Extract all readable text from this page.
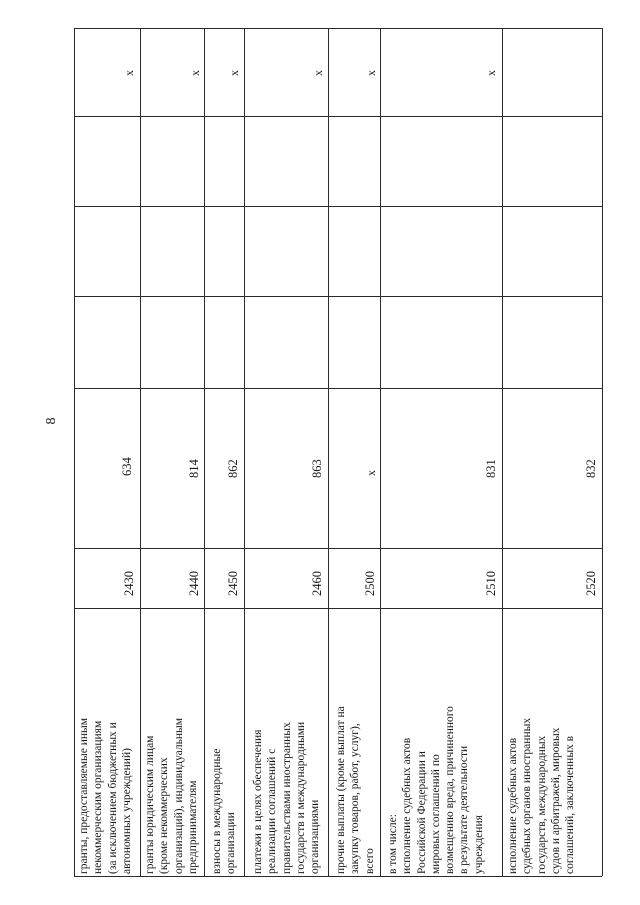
8
гранты, предоставляемые иным некоммерческим организациям (за исключением бюджетных и автономных учреждений)
2430
634
x
гранты юридическим лицам (кроме некоммерческих организаций), индивидуальным предпринимателям
2440
814
x
взносы в международные организации
2450
862
x
платежи в целях обеспечения реализации соглашений с правительствами иностранных государств и международными организациями
2460
863
x
прочие выплаты (кроме выплат на закупку товаров, работ, услуг), всего
2500
x
x
в том числе: исполнение судебных актов Российской Федерации и мировых соглашений по возмещению вреда, причиненного в результате деятельности учреждения
2510
831
исполнение судебных актов судебных органов иностранных государств, международных судов и арбитражей, мировых соглашений, заключенных в
2520
832
x
